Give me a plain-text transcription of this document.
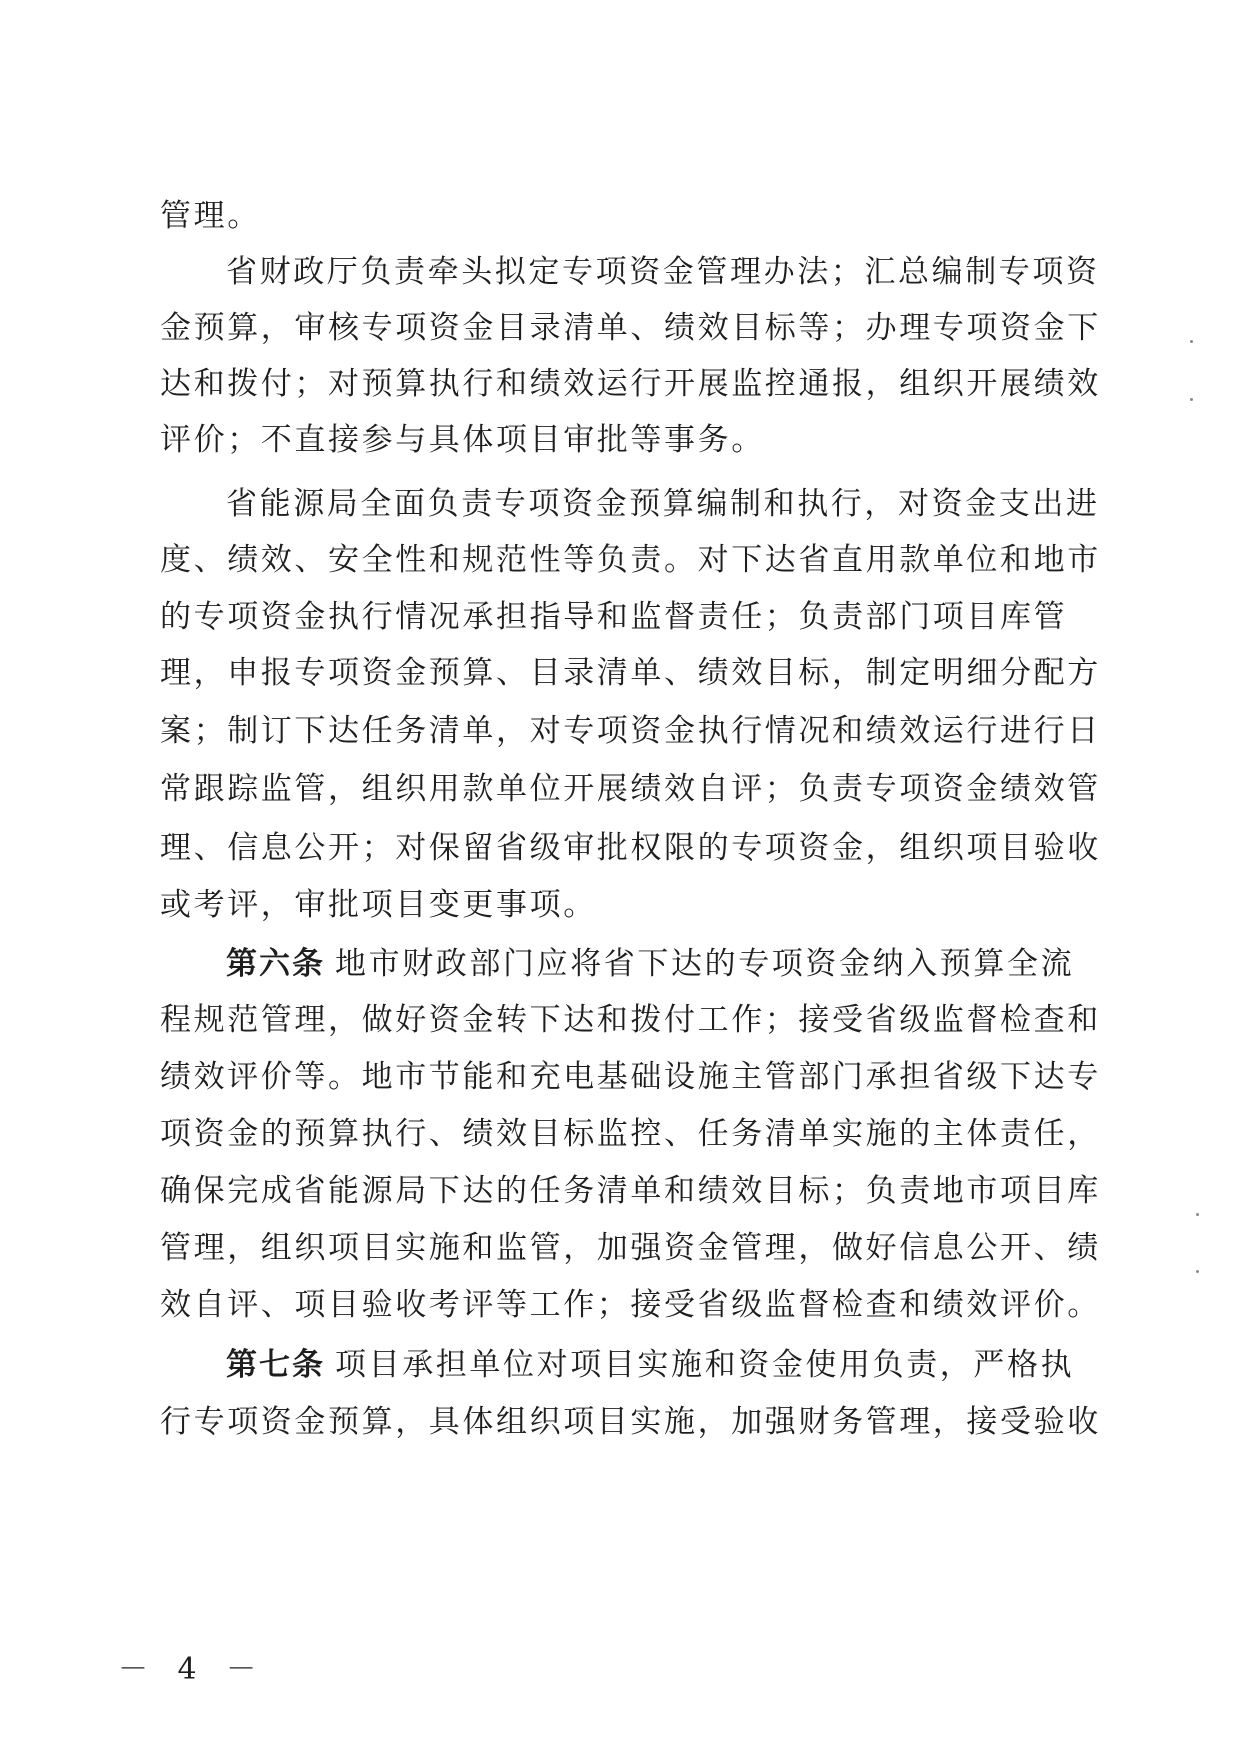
管理。
省财政厅负责牵头拟定专项资金管理办法；汇总编制专项资
金预算，审核专项资金目录清单、绩效目标等；办理专项资金下
达和拨付；对预算执行和绩效运行开展监控通报，组织开展绩效
评价；不直接参与具体项目审批等事务。
省能源局全面负责专项资金预算编制和执行，对资金支出进
度、绩效、安全性和规范性等负责。对下达省直用款单位和地市
的专项资金执行情况承担指导和监督责任；负责部门项目库管
理，申报专项资金预算、目录清单、绩效目标，制定明细分配方
案；制订下达任务清单，对专项资金执行情况和绩效运行进行日
常跟踪监管，组织用款单位开展绩效自评；负责专项资金绩效管
理、信息公开；对保留省级审批权限的专项资金，组织项目验收
或考评，审批项目变更事项。
第六条 地市财政部门应将省下达的专项资金纳入预算全流
程规范管理，做好资金转下达和拨付工作；接受省级监督检查和
绩效评价等。地市节能和充电基础设施主管部门承担省级下达专
项资金的预算执行、绩效目标监控、任务清单实施的主体责任，
确保完成省能源局下达的任务清单和绩效目标；负责地市项目库
管理，组织项目实施和监管，加强资金管理，做好信息公开、绩
效自评、项目验收考评等工作；接受省级监督检查和绩效评价。
第七条 项目承担单位对项目实施和资金使用负责，严格执
行专项资金预算，具体组织项目实施，加强财务管理，接受验收
－ 4 －
